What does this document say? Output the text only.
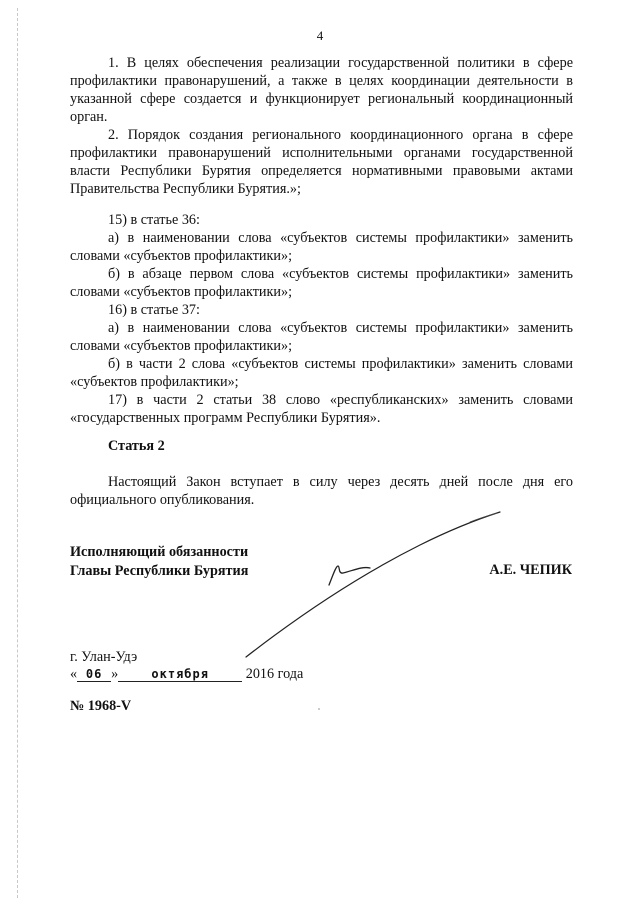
4

1. В целях обеспечения реализации государственной политики в сфере профилактики правонарушений, а также в целях координации деятельности в указанной сфере создается и функционирует региональный координационный орган.

2. Порядок создания регионального координационного органа в сфере профилактики правонарушений исполнительными органами государственной власти Республики Бурятия определяется нормативными правовыми актами Правительства Республики Бурятия.»;

15) в статье 36:

а) в наименовании слова «субъектов системы профилактики» заменить словами «субъектов профилактики»;

б) в абзаце первом слова «субъектов системы профилактики» заменить словами «субъектов профилактики»;

16) в статье 37:

а) в наименовании слова «субъектов системы профилактики» заменить словами «субъектов профилактики»;

б) в части 2 слова «субъектов системы профилактики» заменить словами «субъектов профилактики»;

17) в части 2 статьи 38 слово «республиканских» заменить словами «государственных программ Республики Бурятия».

Статья 2

Настоящий Закон вступает в силу через десять дней после дня его официального опубликования.

Исполняющий обязанности
Главы Республики Бурятия	А.Е. ЧЕПИК
г. Улан-Удэ
« 06 »	октября	2016 года
№ 1968-V
